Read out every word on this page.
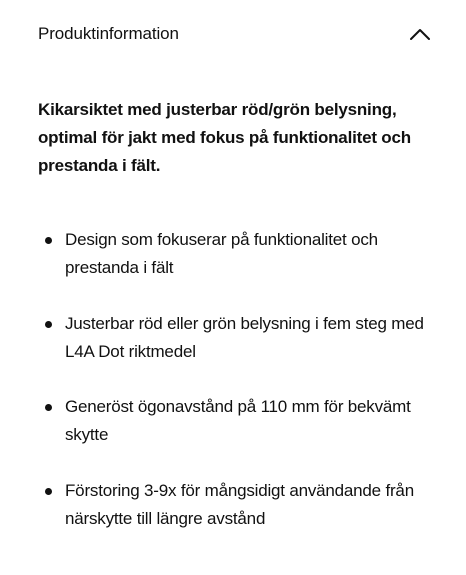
Produktinformation

Kikarsiktet med justerbar röd/grön belysning, optimal för jakt med fokus på funktionalitet och prestanda i fält.

Design som fokuserar på funktionalitet och prestanda i fält
Justerbar röd eller grön belysning i fem steg med L4A Dot riktmedel
Generöst ögonavstånd på 110 mm för bekvämt skytte
Förstoring 3-9x för mångsidigt användande från närskytte till längre avstånd
